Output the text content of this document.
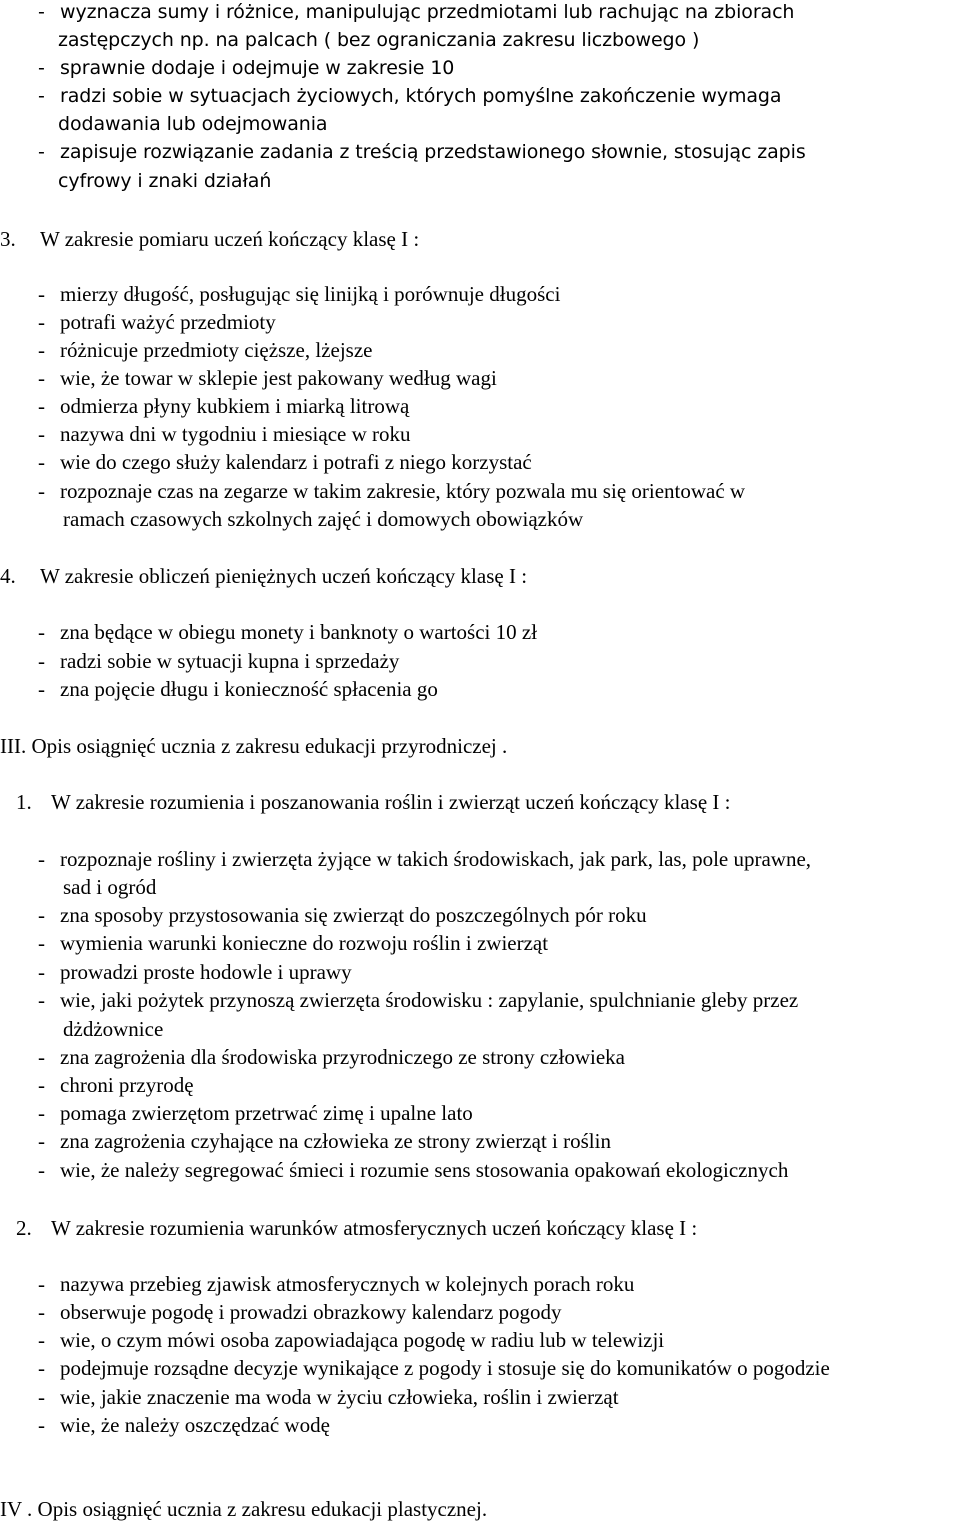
- wyznacza sumy i różnice, manipulując przedmiotami lub rachując na zbiorach
zastępczych np. na palcach ( bez ograniczania zakresu liczbowego )
- sprawnie dodaje i odejmuje w zakresie 10
- radzi sobie w sytuacjach życiowych, których pomyślne zakończenie wymaga
dodawania lub odejmowania
- zapisuje rozwiązanie zadania z treścią przedstawionego słownie, stosując zapis
cyfrowy i znaki działań
3. W zakresie pomiaru uczeń kończący klasę I :
- mierzy długość, posługując się linijką i porównuje długości
- potrafi ważyć przedmioty
- różnicuje przedmioty cięższe, lżejsze
- wie, że towar w sklepie jest pakowany według wagi
- odmierza płyny kubkiem i miarką litrową
- nazywa dni w tygodniu i miesiące w roku
- wie do czego służy kalendarz i potrafi z niego korzystać
- rozpoznaje czas na zegarze w takim zakresie, który pozwala mu się orientować w
ramach czasowych szkolnych zajęć i domowych obowiązków
4. W zakresie obliczeń pieniężnych uczeń kończący klasę I :
- zna będące w obiegu monety i banknoty o wartości 10 zł
- radzi sobie w sytuacji kupna i sprzedaży
- zna pojęcie długu i konieczność spłacenia go
III. Opis osiągnięć ucznia z zakresu edukacji przyrodniczej .
1. W zakresie rozumienia i poszanowania roślin i zwierząt uczeń kończący klasę I :
- rozpoznaje rośliny i zwierzęta żyjące w takich środowiskach, jak park, las, pole uprawne,
sad i ogród
- zna sposoby przystosowania się zwierząt do poszczególnych pór roku
- wymienia warunki konieczne do rozwoju roślin i zwierząt
- prowadzi proste hodowle i uprawy
- wie, jaki pożytek przynoszą zwierzęta środowisku : zapylanie, spulchnianie gleby przez
dżdżownice
- zna zagrożenia dla środowiska przyrodniczego ze strony człowieka
- chroni przyrodę
- pomaga zwierzętom przetrwać zimę i upalne lato
- zna zagrożenia czyhające na człowieka ze strony zwierząt i roślin
- wie, że należy segregować śmieci i rozumie sens stosowania opakowań ekologicznych
2. W zakresie rozumienia warunków atmosferycznych uczeń kończący klasę I :
- nazywa przebieg zjawisk atmosferycznych w kolejnych porach roku
- obserwuje pogodę i prowadzi obrazkowy kalendarz pogody
- wie, o czym mówi osoba zapowiadająca pogodę w radiu lub w telewizji
- podejmuje rozsądne decyzje wynikające z pogody i stosuje się do komunikatów o pogodzie
- wie, jakie znaczenie ma woda w życiu człowieka, roślin i zwierząt
- wie, że należy oszczędzać wodę
IV . Opis osiągnięć ucznia z zakresu edukacji plastycznej.
